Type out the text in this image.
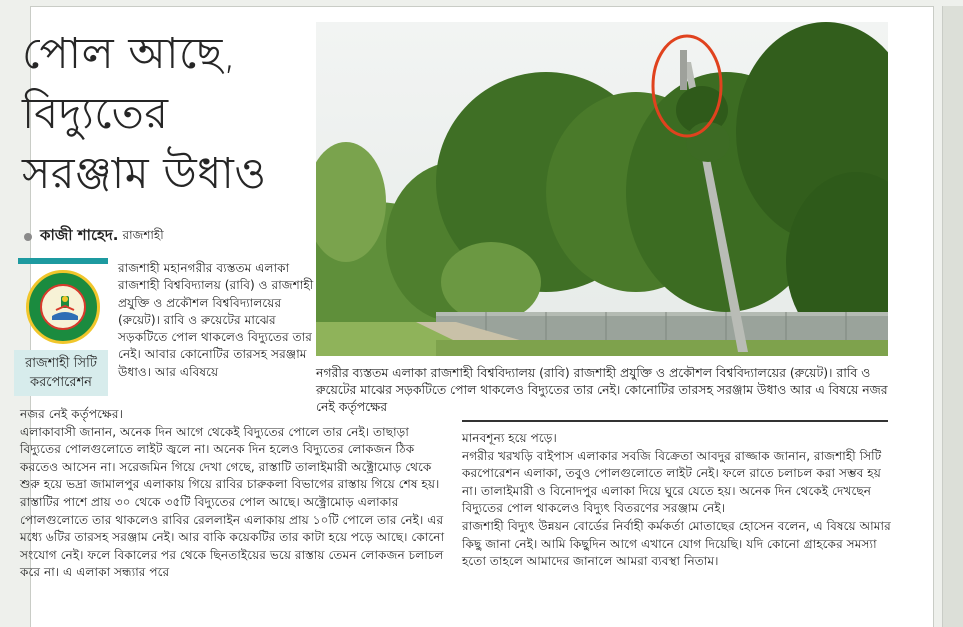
পোল আছে,
বিদ্যুতের
সরঞ্জাম উধাও
কাজী শাহেদ. রাজশাহী
রাজশাহী সিটি করপোরেশন
রাজশাহী মহানগরীর ব্যস্ততম এলাকা রাজশাহী বিশ্ববিদ্যালয় (রাবি) ও রাজশাহী প্রযুক্তি ও প্রকৌশল বিশ্ববিদ্যালয়ের (রুয়েট)। রাবি ও রুয়েটের মাঝের সড়কটিতে পোল থাকলেও বিদ্যুতের তার নেই। আবার কোনোটির তারসহ সরঞ্জাম উধাও। আর এবিষয়ে	নগরীর ব্যস্ততম এলাকা রাজশাহী বিশ্ববিদ্যালয় (রাবি) রাজশাহী প্রযুক্তি ও প্রকৌশল বিশ্ববিদ্যালয়ের (রুয়েট)। রাবি ও রুয়েটের মাঝের সড়কটিতে পোল থাকলেও বিদ্যুতের তার নেই। কোনোটির তারসহ সরঞ্জাম উধাও আর এ বিষয়ে নজর নেই কর্তৃপক্ষের

নজর নেই কর্তৃপক্ষের।

এলাকাবাসী জানান, অনেক দিন আগে থেকেই বিদ্যুতের পোলে তার নেই। তাছাড়া বিদ্যুতের পোলগুলোতে লাইট জ্বলে না। অনেক দিন হলেও বিদ্যুতের লোকজন ঠিক করতেও আসেন না। সরেজমিন গিয়ে দেখা গেছে, রাস্তাটি তালাইমারী অক্ট্রোমোড় থেকে শুরু হয়ে ভদ্রা জামালপুর এলাকায় গিয়ে রাবির চারুকলা বিভাগের রাস্তায় গিয়ে শেষ হয়। রাস্তাটির পাশে প্রায় ৩০ থেকে ৩৫টি বিদ্যুতের পোল আছে। অক্ট্রোমোড় এলাকার পোলগুলোতে তার থাকলেও রাবির রেললাইন এলাকায় প্রায় ১০টি পোলে তার নেই। এর মধ্যে ৬টির তারসহ সরঞ্জাম নেই। আর বাকি কয়েকটির তার কাটা হয়ে পড়ে আছে। কোনো সংযোগ নেই। ফলে বিকালের পর থেকে ছিনতাইয়ের ভয়ে রাস্তায় তেমন লোকজন চলাচল করে না। এ এলাকা সন্ধ্যার পরে

মানবশূন্য হয়ে পড়ে।

নগরীর খরখড়ি বাইপাস এলাকার সবজি বিক্রেতা আবদুর রাজ্জাক জানান, রাজশাহী সিটি করপোরেশন এলাকা, তবুও পোলগুলোতে লাইট নেই। ফলে রাতে চলাচল করা সম্ভব হয় না। তালাইমারী ও বিনোদপুর এলাকা দিয়ে ঘুরে যেতে হয়। অনেক দিন থেকেই দেখছেন বিদ্যুতের পোল থাকলেও বিদ্যুৎ বিতরণের সরঞ্জাম নেই।

রাজশাহী বিদ্যুৎ উন্নয়ন বোর্ডের নির্বাহী কর্মকর্তা মোতাছের হোসেন বলেন, এ বিষয়ে আমার কিছু জানা নেই। আমি কিছুদিন আগে এখানে যোগ দিয়েছি। যদি কোনো গ্রাহকের সমস্যা হতো তাহলে আমাদের জানালে আমরা ব্যবস্থা নিতাম।
